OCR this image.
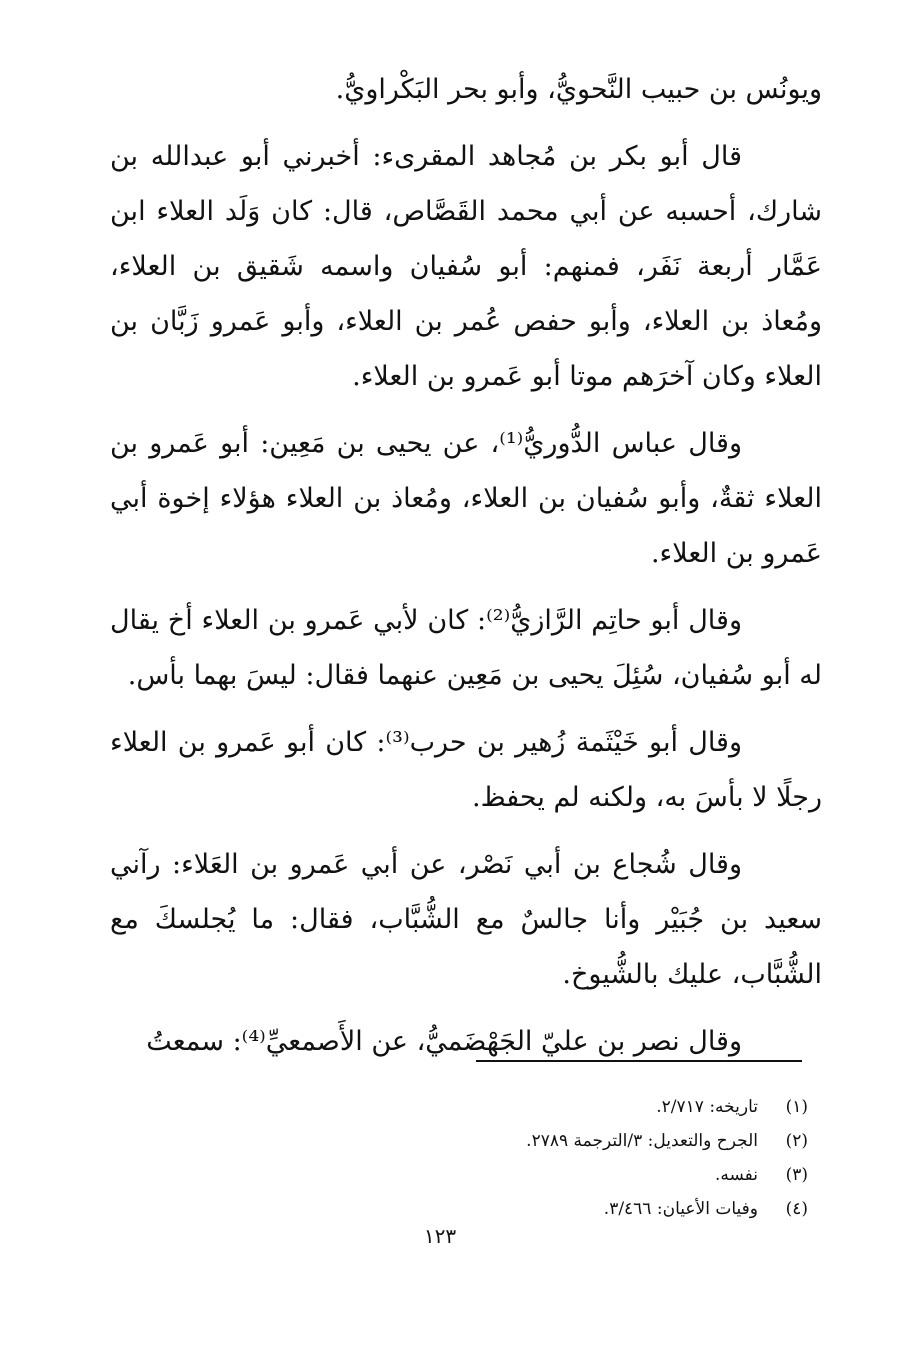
ويونُس بن حبيب النَّحويُّ، وأبو بحر البَكْراويُّ.

قال أبو بكر بن مُجاهد المقرىء: أخبرني أبو عبدالله بن شارك، أحسبه عن أبي محمد القَصَّاص، قال: كان وَلَد العلاء ابن عَمَّار أربعة نَفَر، فمنهم: أبو سُفيان واسمه شَقيق بن العلاء، ومُعاذ بن العلاء، وأبو حفص عُمر بن العلاء، وأبو عَمرو زَبَّان بن العلاء وكان آخرَهم موتا أبو عَمرو بن العلاء.

وقال عباس الدُّوريُّ⁽¹⁾، عن يحيى بن مَعِين: أبو عَمرو بن العلاء ثقةٌ، وأبو سُفيان بن العلاء، ومُعاذ بن العلاء هؤلاء إخوة أبي عَمرو بن العلاء.

وقال أبو حاتِم الرَّازيُّ⁽²⁾: كان لأبي عَمرو بن العلاء أخ يقال له أبو سُفيان، سُئِلَ يحيى بن مَعِين عنهما فقال: ليسَ بهما بأس.

وقال أبو خَيْثَمة زُهير بن حرب⁽³⁾: كان أبو عَمرو بن العلاء رجلًا لا بأسَ به، ولكنه لم يحفظ.

وقال شُجاع بن أبي نَصْر، عن أبي عَمرو بن العَلاء: رآني سعيد بن جُبَيْر وأنا جالسٌ مع الشُّبَّاب، فقال: ما يُجلسكَ مع الشُّبَّاب، عليك بالشُّيوخ.

وقال نصر بن عليّ الجَهْضَميُّ، عن الأَصمعيِّ⁽⁴⁾: سمعتُ

(١)
تاريخه: ٢/٧١٧.
(٢)
الجرح والتعديل: ٣/الترجمة ٢٧٨٩.
(٣)
نفسه.
(٤)
وفيات الأعيان: ٣/٤٦٦.
١٢٣
